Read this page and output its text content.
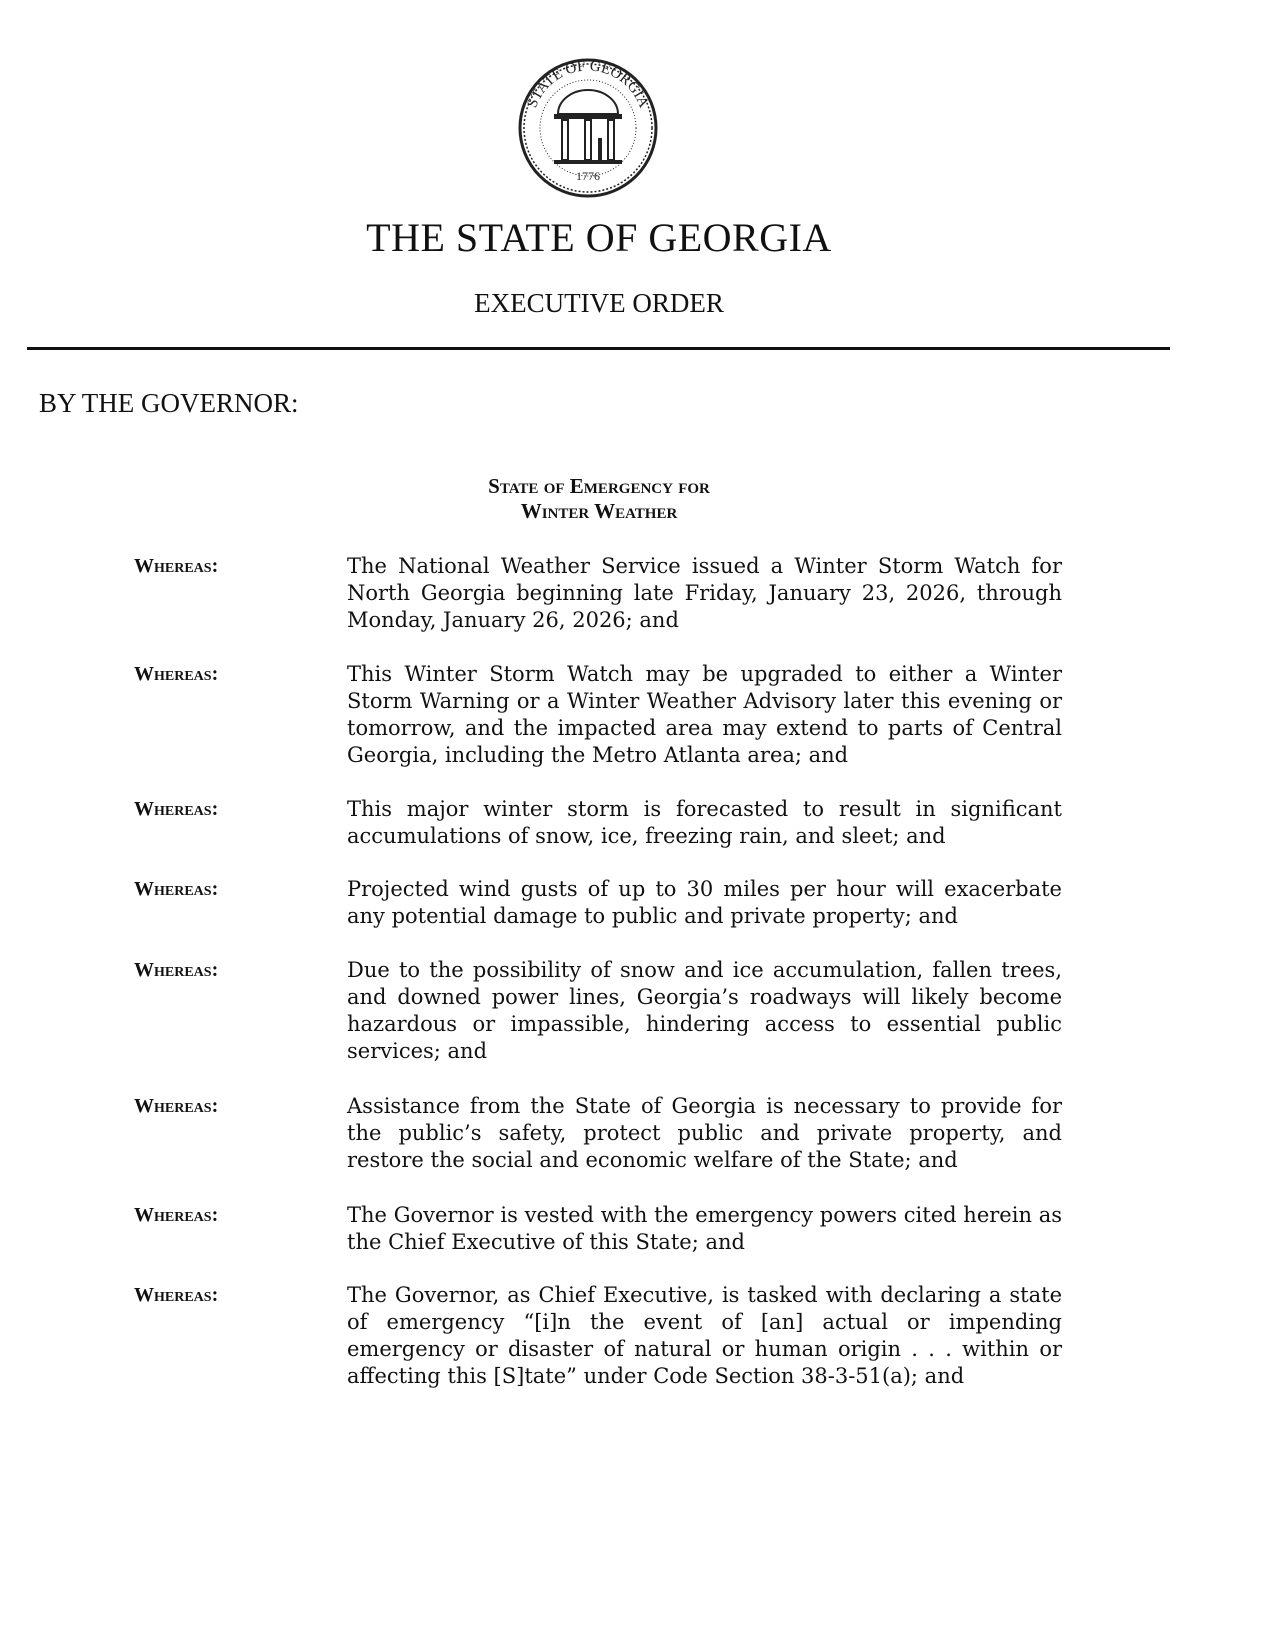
STATE OF GEORGIA
1776
THE STATE OF GEORGIA
EXECUTIVE ORDER
BY THE GOVERNOR:
State of Emergency for
Winter Weather
Whereas:	The National Weather Service issued a Winter Storm Watch for North Georgia beginning late Friday, January 23, 2026, through Monday, January 26, 2026; and
Whereas:	This Winter Storm Watch may be upgraded to either a Winter Storm Warning or a Winter Weather Advisory later this evening or tomorrow, and the impacted area may extend to parts of Central Georgia, including the Metro Atlanta area; and
Whereas:	This major winter storm is forecasted to result in significant accumulations of snow, ice, freezing rain, and sleet; and
Whereas:	Projected wind gusts of up to 30 miles per hour will exacerbate any potential damage to public and private property; and
Whereas:	Due to the possibility of snow and ice accumulation, fallen trees, and downed power lines, Georgia’s roadways will likely become hazardous or impassible, hindering access to essential public services; and
Whereas:	Assistance from the State of Georgia is necessary to provide for the public’s safety, protect public and private property, and restore the social and economic welfare of the State; and
Whereas:	The Governor is vested with the emergency powers cited herein as the Chief Executive of this State; and
Whereas:	The Governor, as Chief Executive, is tasked with declaring a state of emergency “[i]n the event of [an] actual or impending emergency or disaster of natural or human origin . . . within or affecting this [S]tate” under Code Section 38-3-51(a); and
